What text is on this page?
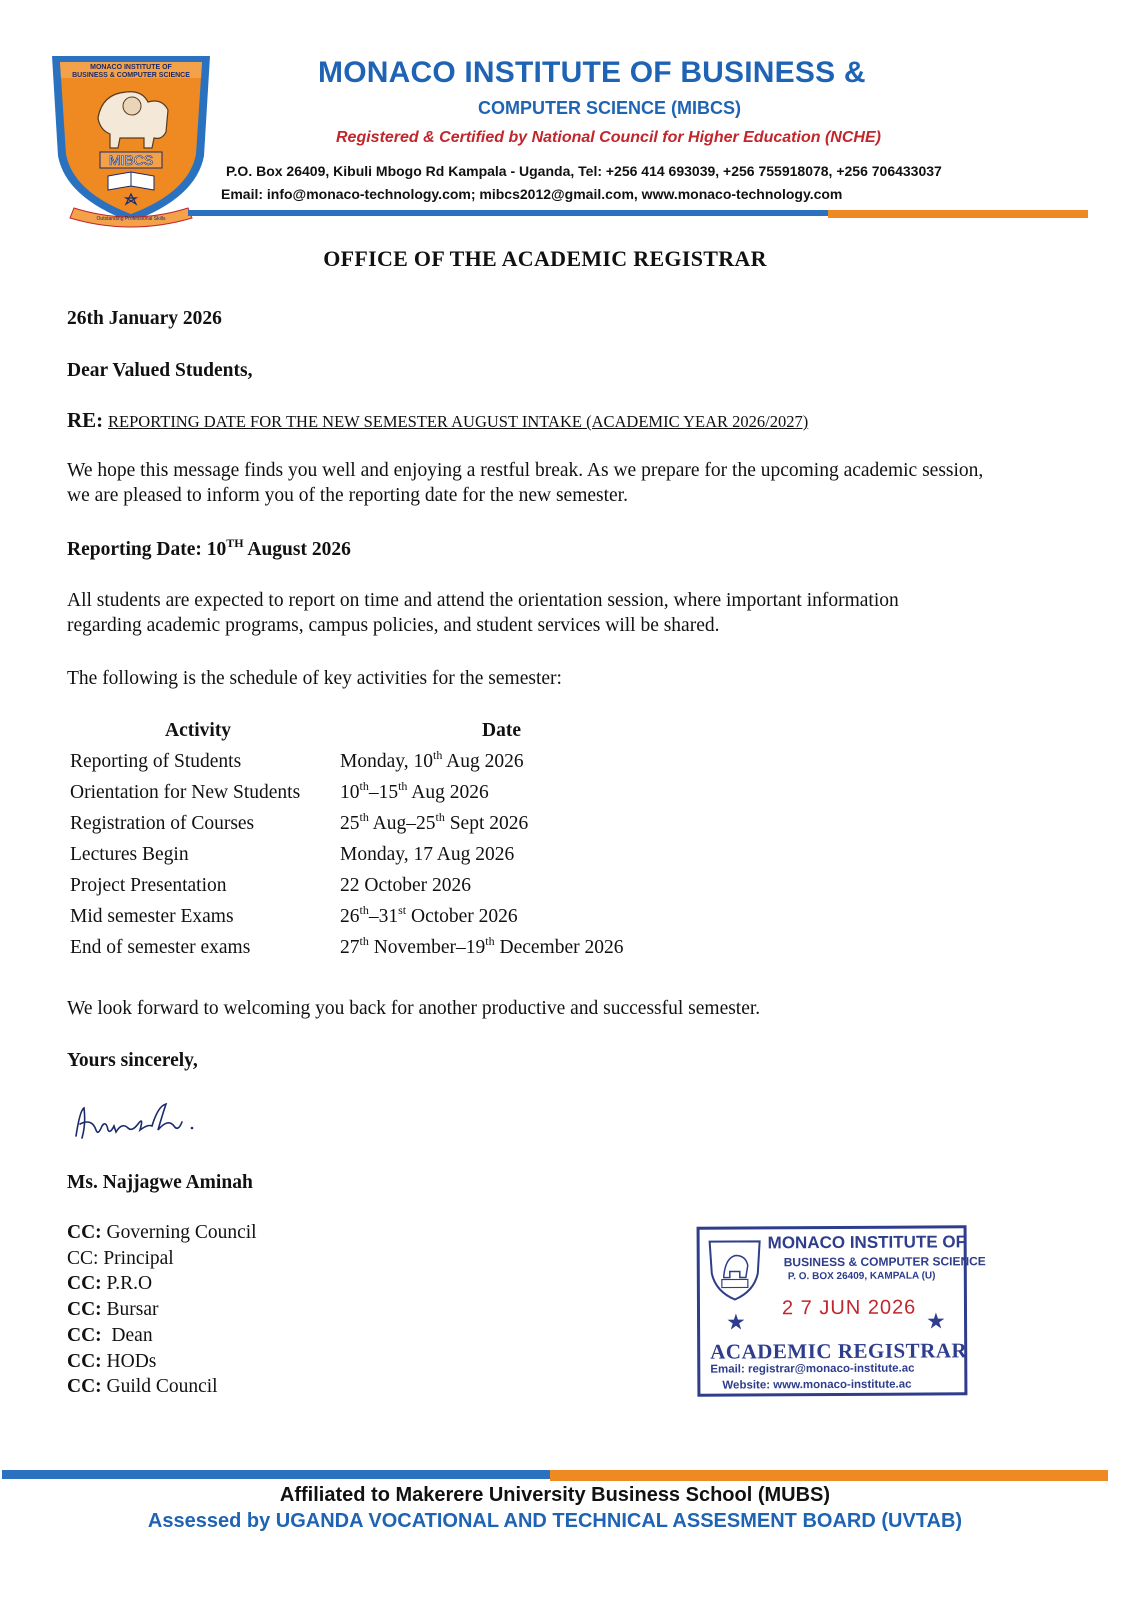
MONACO INSTITUTE OF
BUSINESS & COMPUTER SCIENCE
MIBCS
Outstanding Professional Skills
MONACO INSTITUTE OF BUSINESS &
COMPUTER SCIENCE (MIBCS)
Registered & Certified by National Council for Higher Education (NCHE)
P.O. Box 26409, Kibuli Mbogo Rd Kampala - Uganda, Tel: +256 414 693039, +256 755918078, +256 706433037
Email: info@monaco-technology.com; mibcs2012@gmail.com, www.monaco-technology.com
OFFICE OF THE ACADEMIC REGISTRAR
26th January 2026
Dear Valued Students,
RE: REPORTING DATE FOR THE NEW SEMESTER AUGUST INTAKE (ACADEMIC YEAR 2026/2027)
We hope this message finds you well and enjoying a restful break. As we prepare for the upcoming academic session, we are pleased to inform you of the reporting date for the new semester.
Reporting Date: 10TH August 2026
All students are expected to report on time and attend the orientation session, where important information regarding academic programs, campus policies, and student services will be shared.
The following is the schedule of key activities for the semester:
Activity	Date
Reporting of Students	Monday, 10th Aug 2026
Orientation for New Students 10th–15th Aug 2026
Registration of Courses	25th Aug–25th Sept 2026
Lectures Begin	Monday, 17 Aug 2026
Project Presentation	22 October 2026
Mid semester Exams	26th–31st October 2026
End of semester exams	27th November–19th December 2026
We look forward to welcoming you back for another productive and successful semester.
Yours sincerely,
Ms. Najjagwe Aminah
CC: Governing Council
CC: Principal
CC: P.R.O
CC: Bursar
CC:  Dean
CC: HODs
CC: Guild Council
MONACO INSTITUTE OF
BUSINESS & COMPUTER SCIENCE
P. O. BOX 26409, KAMPALA (U)
★
2 7 JUN 2026
★
ACADEMIC REGISTRAR
Email: registrar@monaco-institute.ac
Website: www.monaco-institute.ac
Affiliated to Makerere University Business School (MUBS)
Assessed by UGANDA VOCATIONAL AND TECHNICAL ASSESMENT BOARD (UVTAB)
